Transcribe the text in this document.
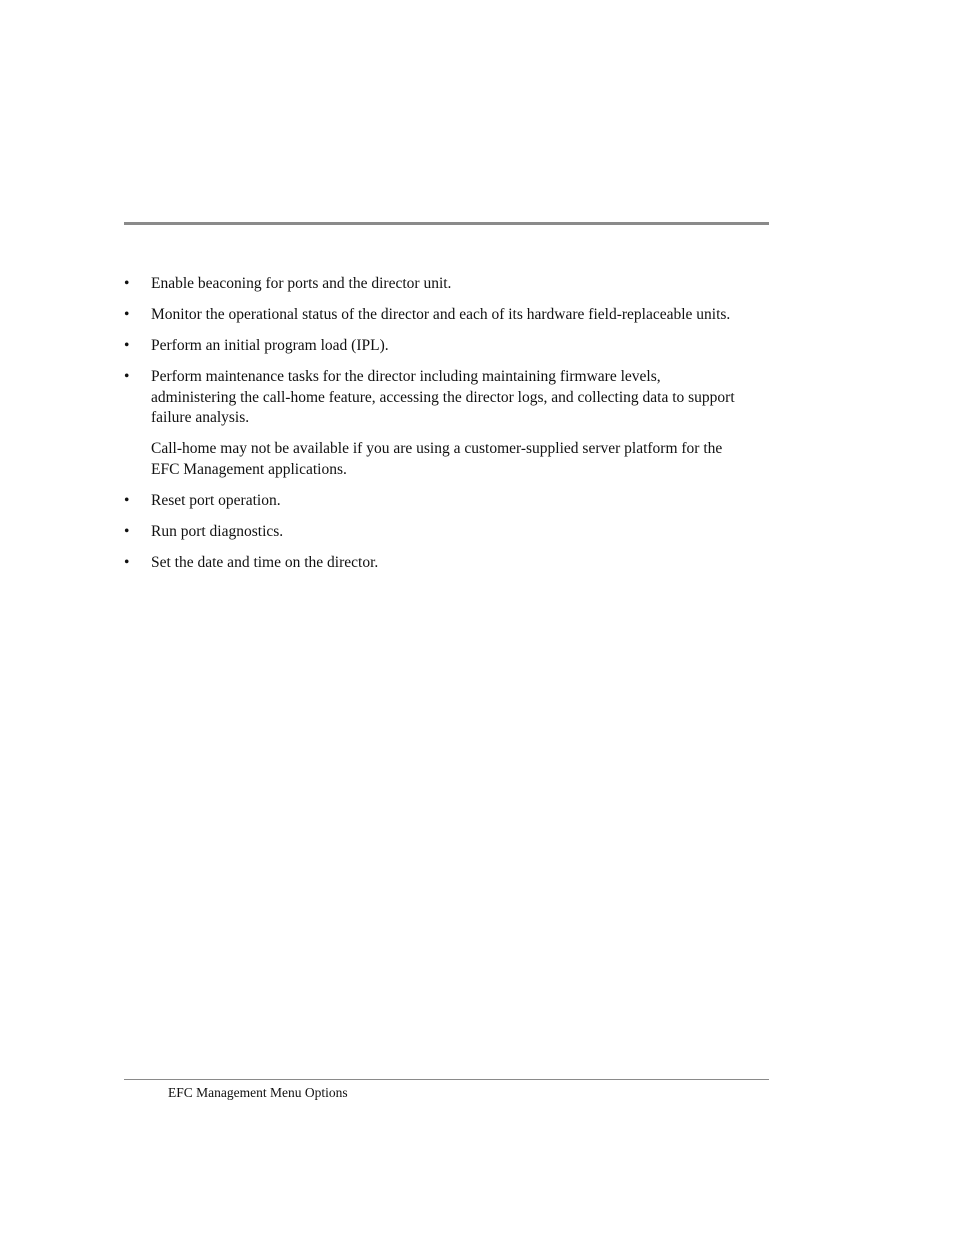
•	Enable beaconing for ports and the director unit.
•	Monitor the operational status of the director and each of its hardware field-replaceable units.
•	Perform an initial program load (IPL).
•	Perform maintenance tasks for the director including maintaining firmware levels, administering the call-home feature, accessing the director logs, and collecting data to support failure analysis.

Call-home may not be available if you are using a customer-supplied server platform for the EFC Management applications.

•	Reset port operation.
•	Run port diagnostics.
•	Set the date and time on the director.
EFC Management Menu Options
